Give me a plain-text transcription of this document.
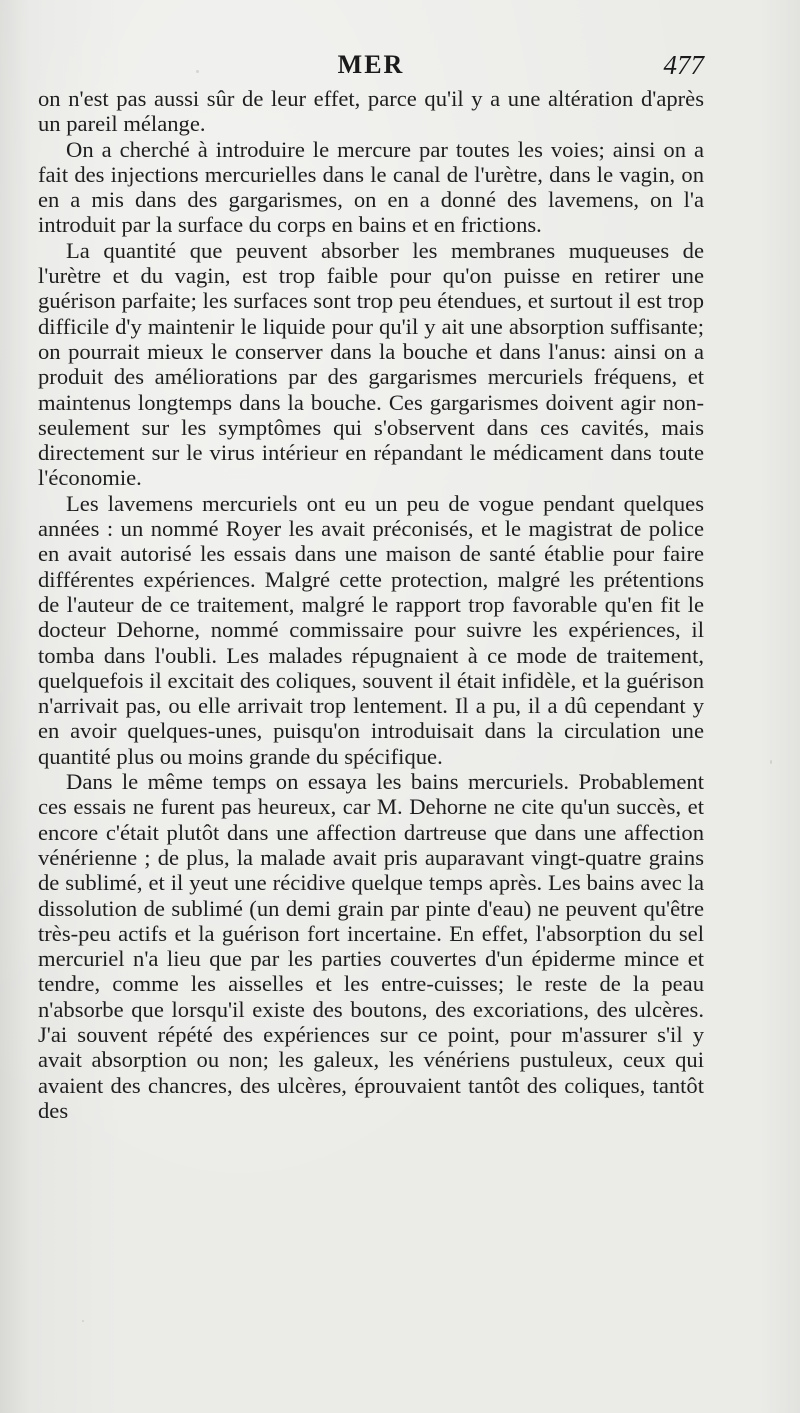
MER	477

on n'est pas aussi sûr de leur effet, parce qu'il y a une altération d'après un pareil mélange.

On a cherché à introduire le mercure par toutes les voies; ainsi on a fait des injections mercurielles dans le canal de l'urètre, dans le vagin, on en a mis dans des gargarismes, on en a donné des lavemens, on l'a introduit par la surface du corps en bains et en frictions.

La quantité que peuvent absorber les membranes muqueuses de l'urètre et du vagin, est trop faible pour qu'on puisse en retirer une guérison parfaite; les surfaces sont trop peu étendues, et surtout il est trop difficile d'y maintenir le liquide pour qu'il y ait une absorption suffisante; on pourrait mieux le conserver dans la bouche et dans l'anus: ainsi on a produit des améliorations par des gargarismes mercuriels fréquens, et maintenus longtemps dans la bouche. Ces gargarismes doivent agir non-seulement sur les symptômes qui s'observent dans ces cavités, mais directement sur le virus intérieur en répandant le médicament dans toute l'économie.

Les lavemens mercuriels ont eu un peu de vogue pendant quelques années : un nommé Royer les avait préconisés, et le magistrat de police en avait autorisé les essais dans une maison de santé établie pour faire différentes expériences. Malgré cette protection, malgré les prétentions de l'auteur de ce traitement, malgré le rapport trop favorable qu'en fit le docteur Dehorne, nommé commissaire pour suivre les expériences, il tomba dans l'oubli. Les malades répugnaient à ce mode de traitement, quelquefois il excitait des coliques, souvent il était infidèle, et la guérison n'arrivait pas, ou elle arrivait trop lentement. Il a pu, il a dû cependant y en avoir quelques-unes, puisqu'on introduisait dans la circulation une quantité plus ou moins grande du spécifique.

Dans le même temps on essaya les bains mercuriels. Probablement ces essais ne furent pas heureux, car M. Dehorne ne cite qu'un succès, et encore c'était plutôt dans une affection dartreuse que dans une affection vénérienne ; de plus, la malade avait pris auparavant vingt-quatre grains de sublimé, et il yeut une récidive quelque temps après. Les bains avec la dissolution de sublimé (un demi grain par pinte d'eau) ne peuvent qu'être très-peu actifs et la guérison fort incertaine. En effet, l'absorption du sel mercuriel n'a lieu que par les parties couvertes d'un épiderme mince et tendre, comme les aisselles et les entre-cuisses; le reste de la peau n'absorbe que lorsqu'il existe des boutons, des excoriations, des ulcères. J'ai souvent répété des expériences sur ce point, pour m'assurer s'il y avait absorption ou non; les galeux, les vénériens pustuleux, ceux qui avaient des chancres, des ulcères, éprouvaient tantôt des coliques, tantôt des
